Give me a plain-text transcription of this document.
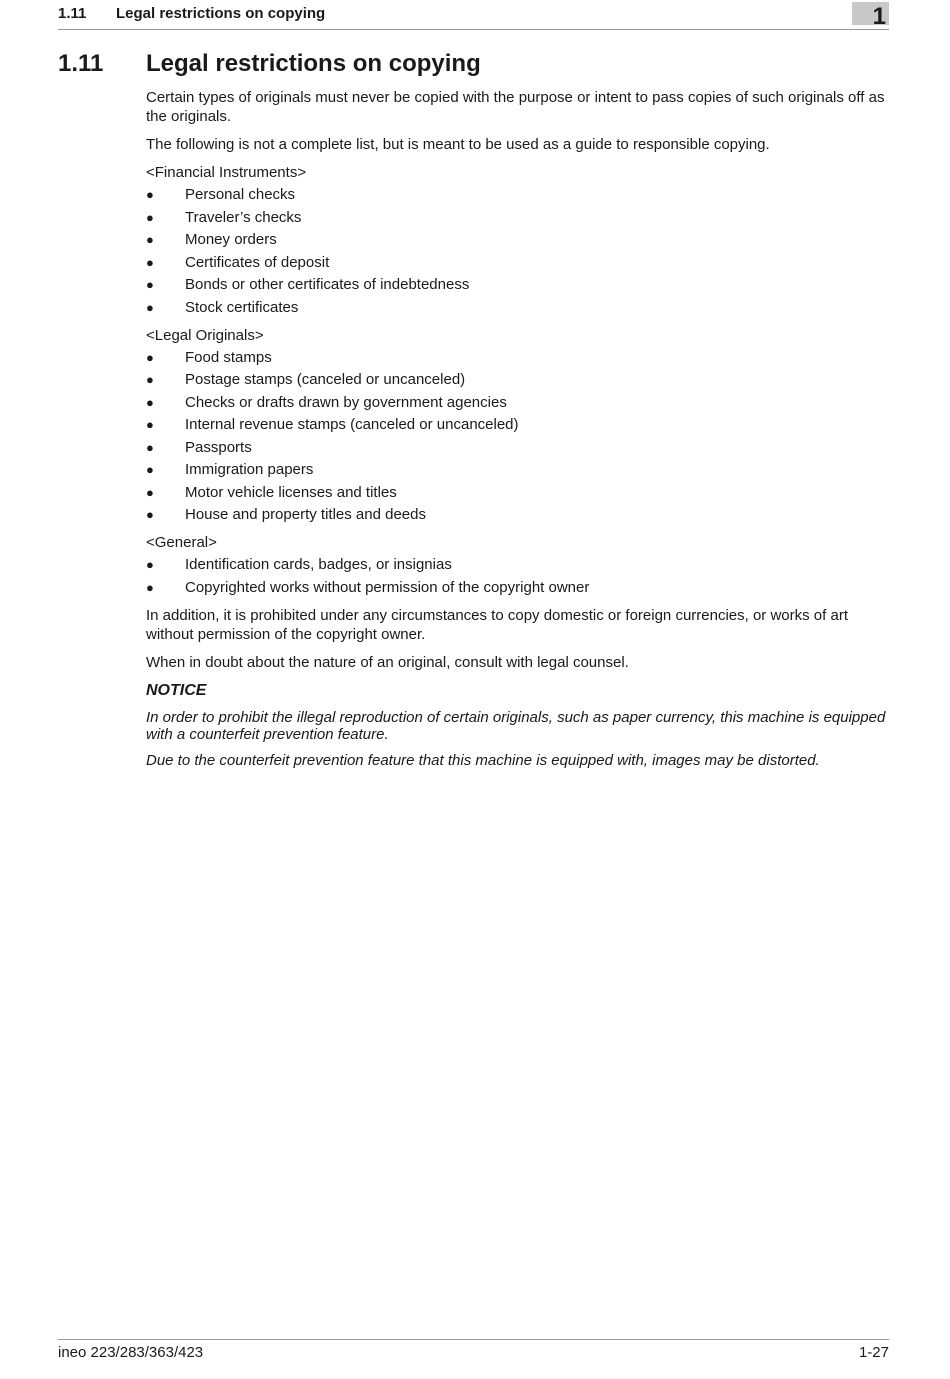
1.11 Legal restrictions on copying	1
1.11 Legal restrictions on copying

Certain types of originals must never be copied with the purpose or intent to pass copies of such originals off as the originals.

The following is not a complete list, but is meant to be used as a guide to responsible copying.

<Financial Instruments>
● Personal checks
● Traveler’s checks
● Money orders
● Certificates of deposit
● Bonds or other certificates of indebtedness
● Stock certificates
<Legal Originals>
● Food stamps
● Postage stamps (canceled or uncanceled)
● Checks or drafts drawn by government agencies
● Internal revenue stamps (canceled or uncanceled)
● Passports
● Immigration papers
● Motor vehicle licenses and titles
● House and property titles and deeds
<General>
● Identification cards, badges, or insignias
● Copyrighted works without permission of the copyright owner

In addition, it is prohibited under any circumstances to copy domestic or foreign currencies, or works of art without permission of the copyright owner.

When in doubt about the nature of an original, consult with legal counsel.

NOTICE

In order to prohibit the illegal reproduction of certain originals, such as paper currency, this machine is equipped with a counterfeit prevention feature.

Due to the counterfeit prevention feature that this machine is equipped with, images may be distorted.

ineo 223/283/363/423	1-27
